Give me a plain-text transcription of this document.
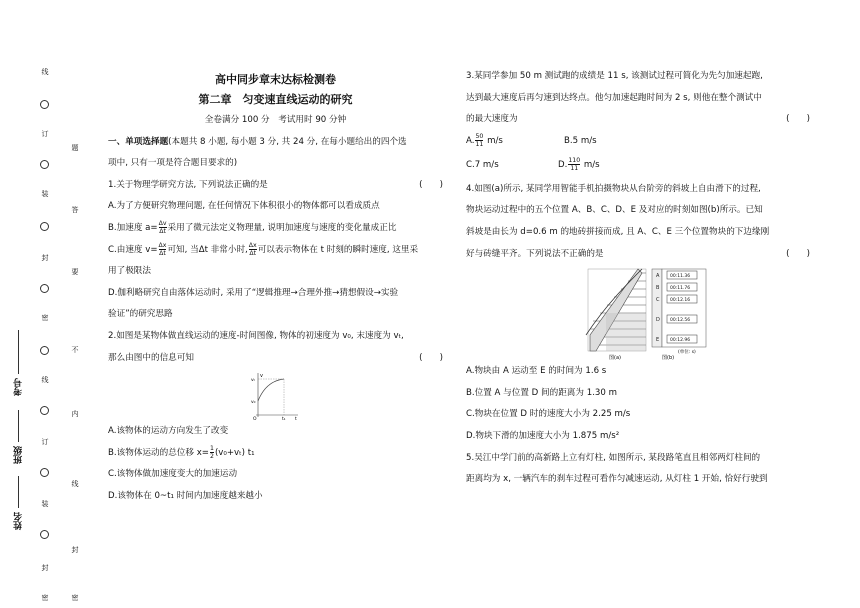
线
订
装
封
密
线
订
装
封
密
题
答
要
不
内
线
封
密
考号
班级
姓名

高中同步章末达标检测卷

第二章　匀变速直线运动的研究

全卷满分 100 分　考试用时 90 分钟

一、单项选择题(本题共 8 小题, 每小题 3 分, 共 24 分, 在每小题给出的四个选

项中, 只有一项是符合题目要求的)

1.关于物理学研究方法, 下列说法正确的是	(　　)

A.为了方便研究物理问题, 在任何情况下体积很小的物体都可以看成质点

B.加速度 $a= \frac{\Delta v}{\Delta t}$ 采用了微元法定义物理量, 说明加速度与速度的变化量成正比

C.由速度 $v= \frac{\Delta x}{\Delta t}$ 可知, 当Δt 非常小时, $\frac{\Delta x}{\Delta t}$ 可以表示物体在 t 时刻的瞬时速度, 这里采

用了极限法

D.伽利略研究自由落体运动时, 采用了“逻辑推理→合理外推→猜想假设→实验

验证”的研究思路

2.如图是某物体做直线运动的速度-时间图像, 物体的初速度为 v₀, 末速度为 vₜ,

那么由图中的信息可知	(　　)

v
vₜ
v₀
O	t₁ t

A.该物体的运动方向发生了改变

B.该物体运动的总位移 $x= \frac{1}{2} (v_0+v_t)$ t₁

C.该物体做加速度变大的加速运动

D.该物体在 0~t₁ 时间内加速度越来越小

3.某同学参加 50 m 测试跑的成绩是 11 s, 该测试过程可简化为先匀加速起跑,

达到最大速度后再匀速到达终点。他匀加速起跑时间为 2 s, 则他在整个测试中

的最大速度为	(　　)

A. $\frac{50}{11} m/s$	B.5 m/s

C.7 m/s	D. $\frac{110}{11} m/s$

4.如图(a)所示, 某同学用智能手机拍摄物块从台阶旁的斜坡上自由滑下的过程,

物块运动过程中的五个位置 A、B、C、D、E 及对应的时刻如图(b)所示。已知

斜坡是由长为 d=0.6 m 的地砖拼接而成, 且 A、C、E 三个位置物块的下边缘刚

好与砖缝平齐。下列说法不正确的是	(　　)

图(a)
A
B
C
D
E
00:11.36
00:11.76
00:12.16
00:12.56
00:12.96
(单位: s)
图(b)

A.物块由 A 运动至 E 的时间为 1.6 s

B.位置 A 与位置 D 间的距离为 1.30 m

C.物块在位置 D 时的速度大小为 2.25 m/s

D.物块下滑的加速度大小为 1.875 m/s²

5.吴江中学门前的高新路上立有灯柱, 如图所示, 某段路笔直且相邻两灯柱间的

距离均为 x, 一辆汽车的刹车过程可看作匀减速运动, 从灯柱 1 开始, 恰好行驶到
